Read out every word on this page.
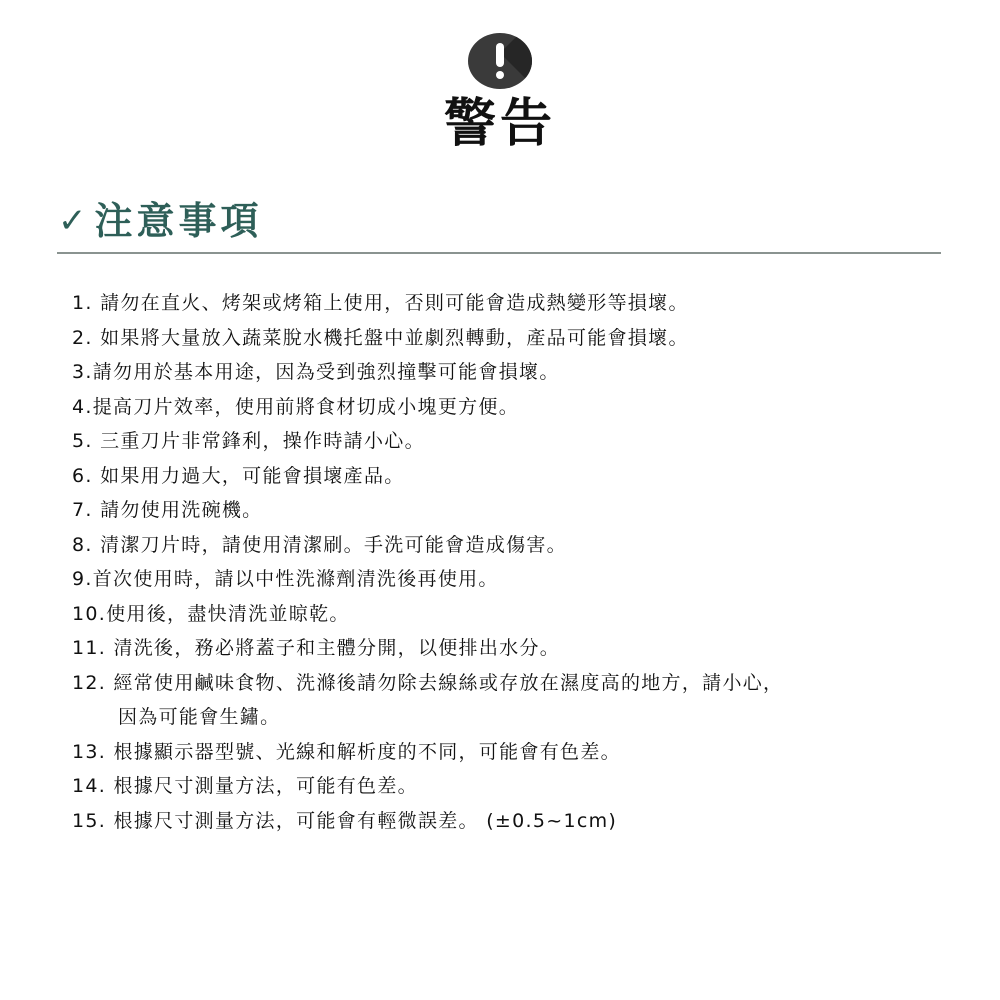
警告
✓ 注意事項
1. 請勿在直火、烤架或烤箱上使用，否則可能會造成熱變形等損壞。
2. 如果將大量放入蔬菜脫水機托盤中並劇烈轉動，產品可能會損壞。
3.請勿用於基本用途，因為受到強烈撞擊可能會損壞。
4.提高刀片效率，使用前將食材切成小塊更方便。
5. 三重刀片非常鋒利，操作時請小心。
6. 如果用力過大，可能會損壞產品。
7. 請勿使用洗碗機。
8. 清潔刀片時，請使用清潔刷。手洗可能會造成傷害。
9.首次使用時，請以中性洗滌劑清洗後再使用。
10.使用後，盡快清洗並晾乾。
11. 清洗後，務必將蓋子和主體分開，以便排出水分。
12. 經常使用鹹味食物、洗滌後請勿除去線絲或存放在濕度高的地方，請小心，
因為可能會生鏽。
13. 根據顯示器型號、光線和解析度的不同，可能會有色差。
14. 根據尺寸測量方法，可能有色差。
15. 根據尺寸測量方法，可能會有輕微誤差。 (±0.5~1cm)
